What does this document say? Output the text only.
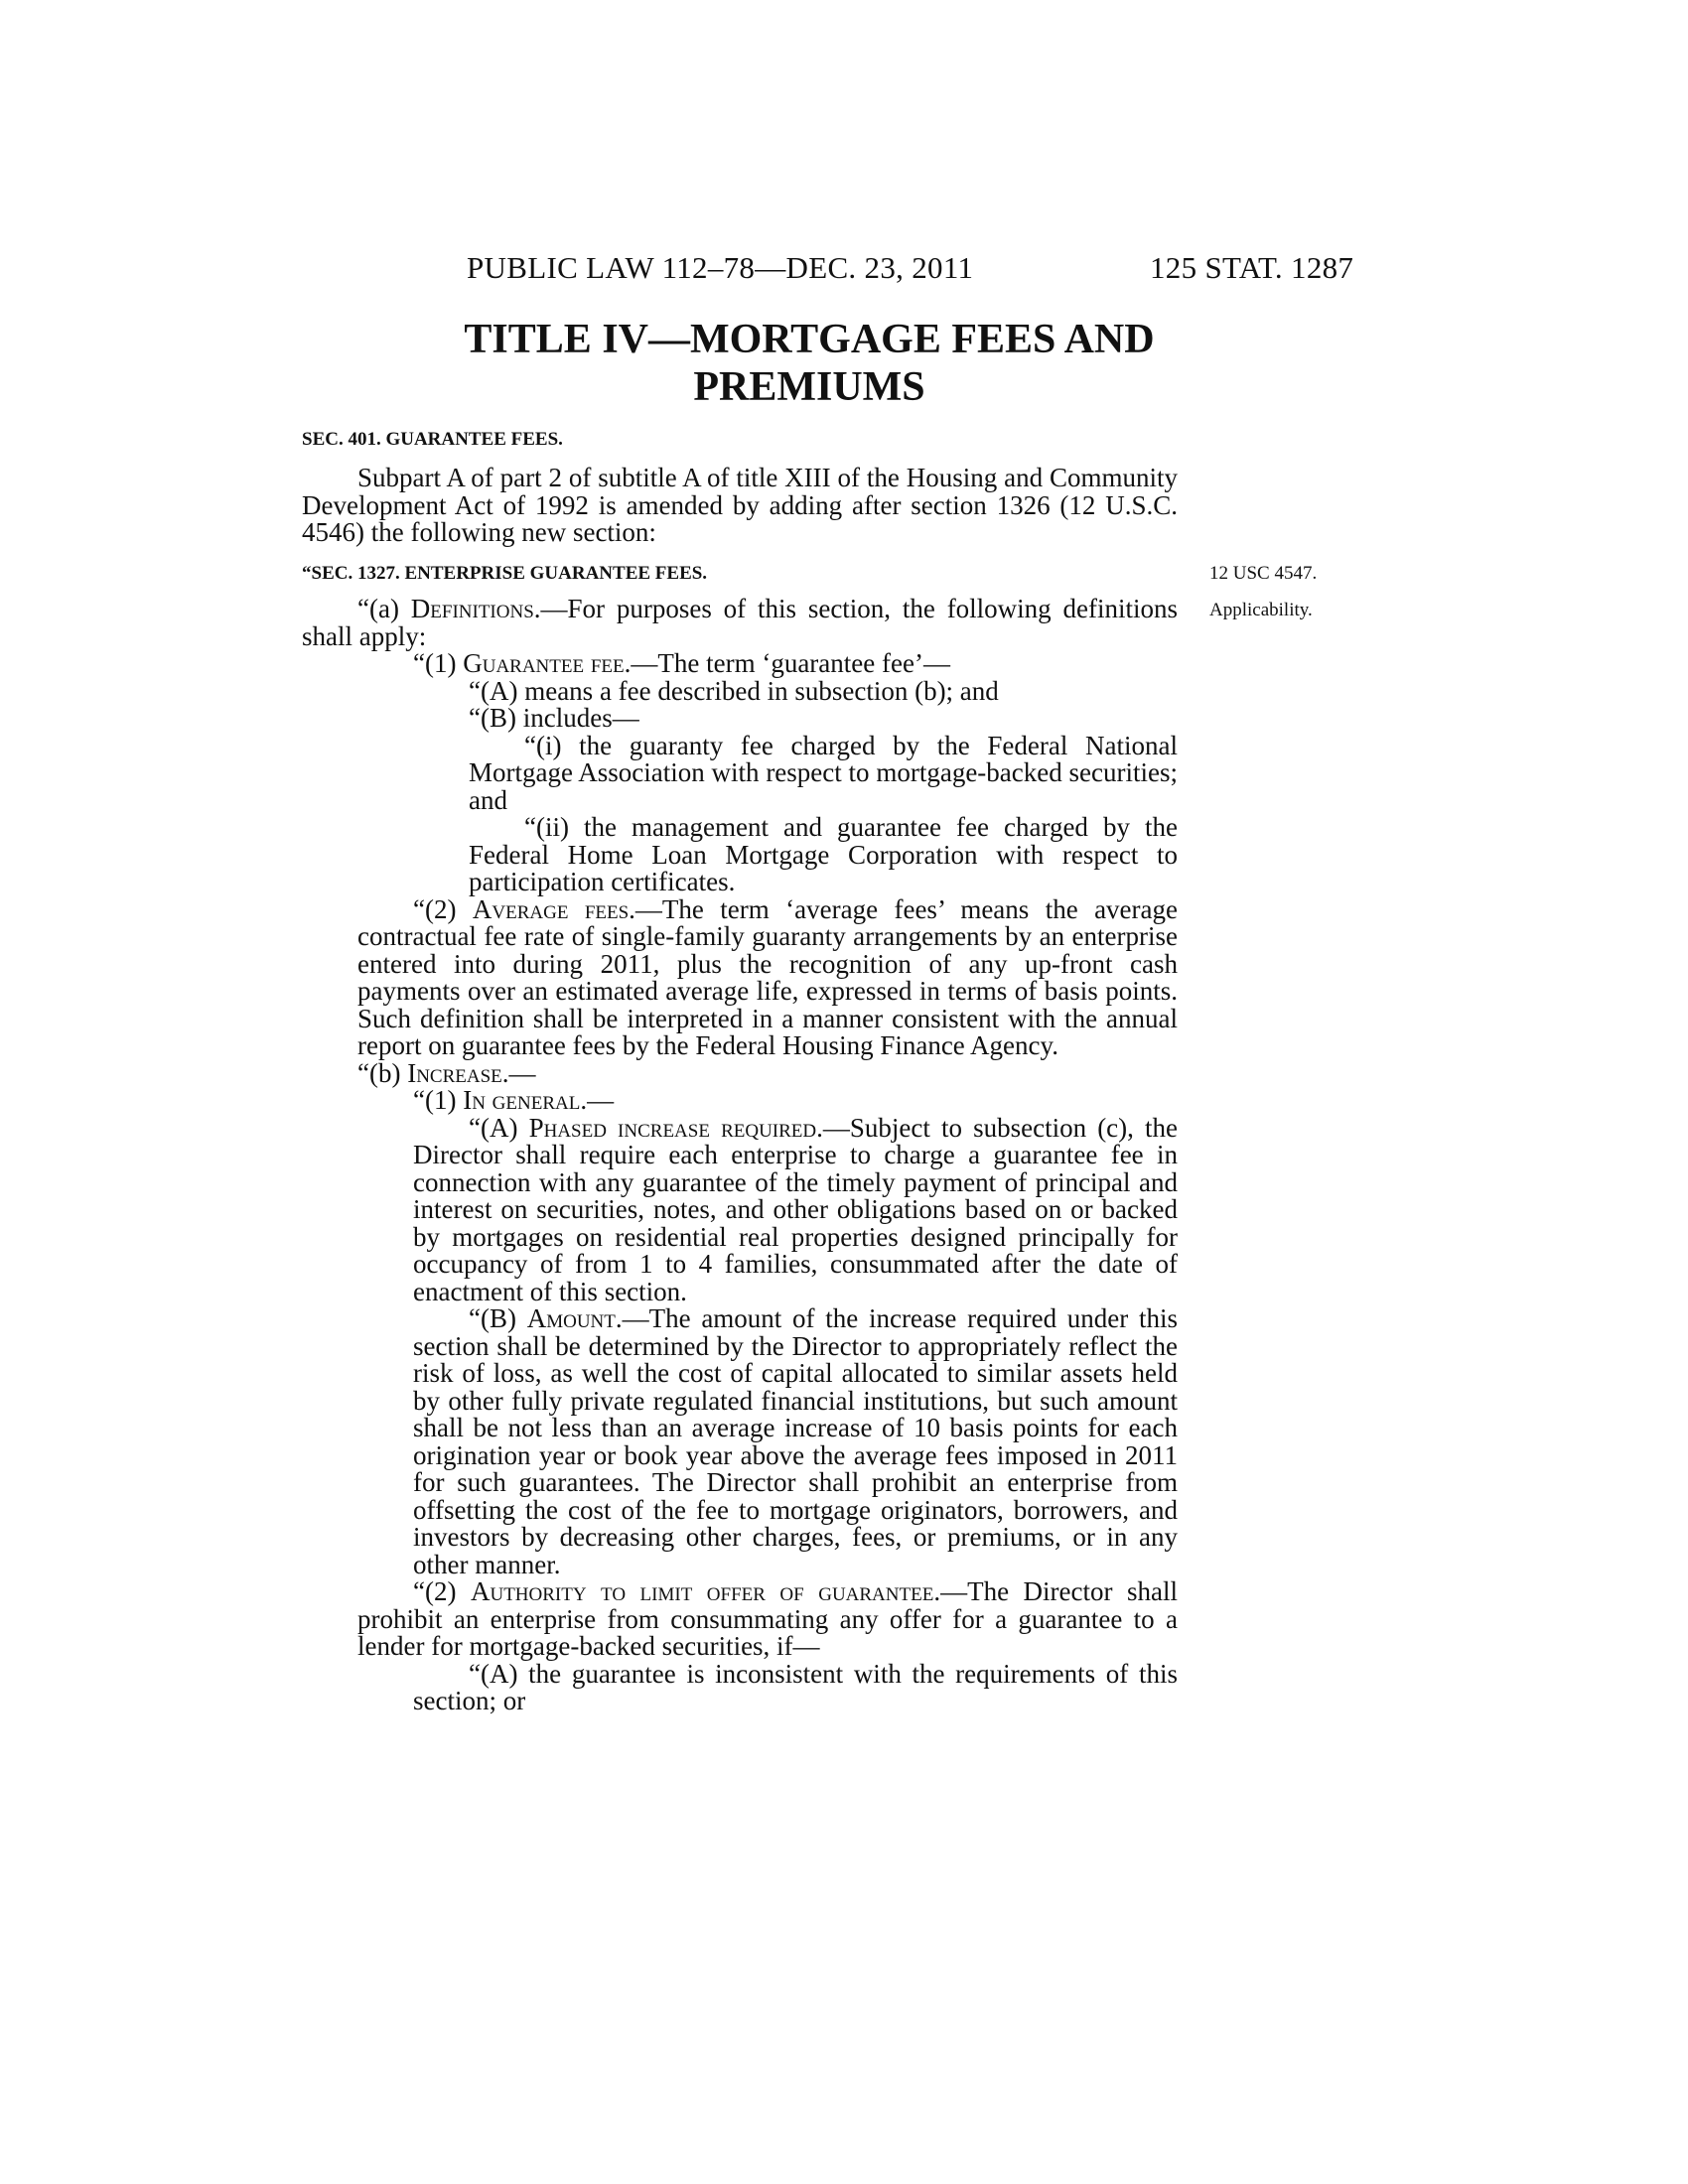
PUBLIC LAW 112–78—DEC. 23, 2011	125 STAT. 1287
TITLE IV—MORTGAGE FEES AND
PREMIUMS
SEC. 401. GUARANTEE FEES.

Subpart A of part 2 of subtitle A of title XIII of the Housing and Community Development Act of 1992 is amended by adding after section 1326 (12 U.S.C. 4546) the following new section:

“SEC. 1327. ENTERPRISE GUARANTEE FEES.	12 USC 4547.
Applicability.

“(a) Definitions.—For purposes of this section, the following definitions shall apply:

“(1) Guarantee fee.—The term ‘guarantee fee’—

“(A) means a fee described in subsection (b); and

“(B) includes—

“(i) the guaranty fee charged by the Federal National Mortgage Association with respect to mortgage-backed securities; and

“(ii) the management and guarantee fee charged by the Federal Home Loan Mortgage Corporation with respect to participation certificates.

“(2) Average fees.—The term ‘average fees’ means the average contractual fee rate of single-family guaranty arrangements by an enterprise entered into during 2011, plus the recognition of any up-front cash payments over an estimated average life, expressed in terms of basis points. Such definition shall be interpreted in a manner consistent with the annual report on guarantee fees by the Federal Housing Finance Agency.

“(b) Increase.—

“(1) In general.—

“(A) Phased increase required.—Subject to subsection (c), the Director shall require each enterprise to charge a guarantee fee in connection with any guarantee of the timely payment of principal and interest on securities, notes, and other obligations based on or backed by mortgages on residential real properties designed principally for occupancy of from 1 to 4 families, consummated after the date of enactment of this section.

“(B) Amount.—The amount of the increase required under this section shall be determined by the Director to appropriately reflect the risk of loss, as well the cost of capital allocated to similar assets held by other fully private regulated financial institutions, but such amount shall be not less than an average increase of 10 basis points for each origination year or book year above the average fees imposed in 2011 for such guarantees. The Director shall prohibit an enterprise from offsetting the cost of the fee to mortgage originators, borrowers, and investors by decreasing other charges, fees, or premiums, or in any other manner.

“(2) Authority to limit offer of guarantee.—The Director shall prohibit an enterprise from consummating any offer for a guarantee to a lender for mortgage-backed securities, if—

“(A) the guarantee is inconsistent with the requirements of this section; or
